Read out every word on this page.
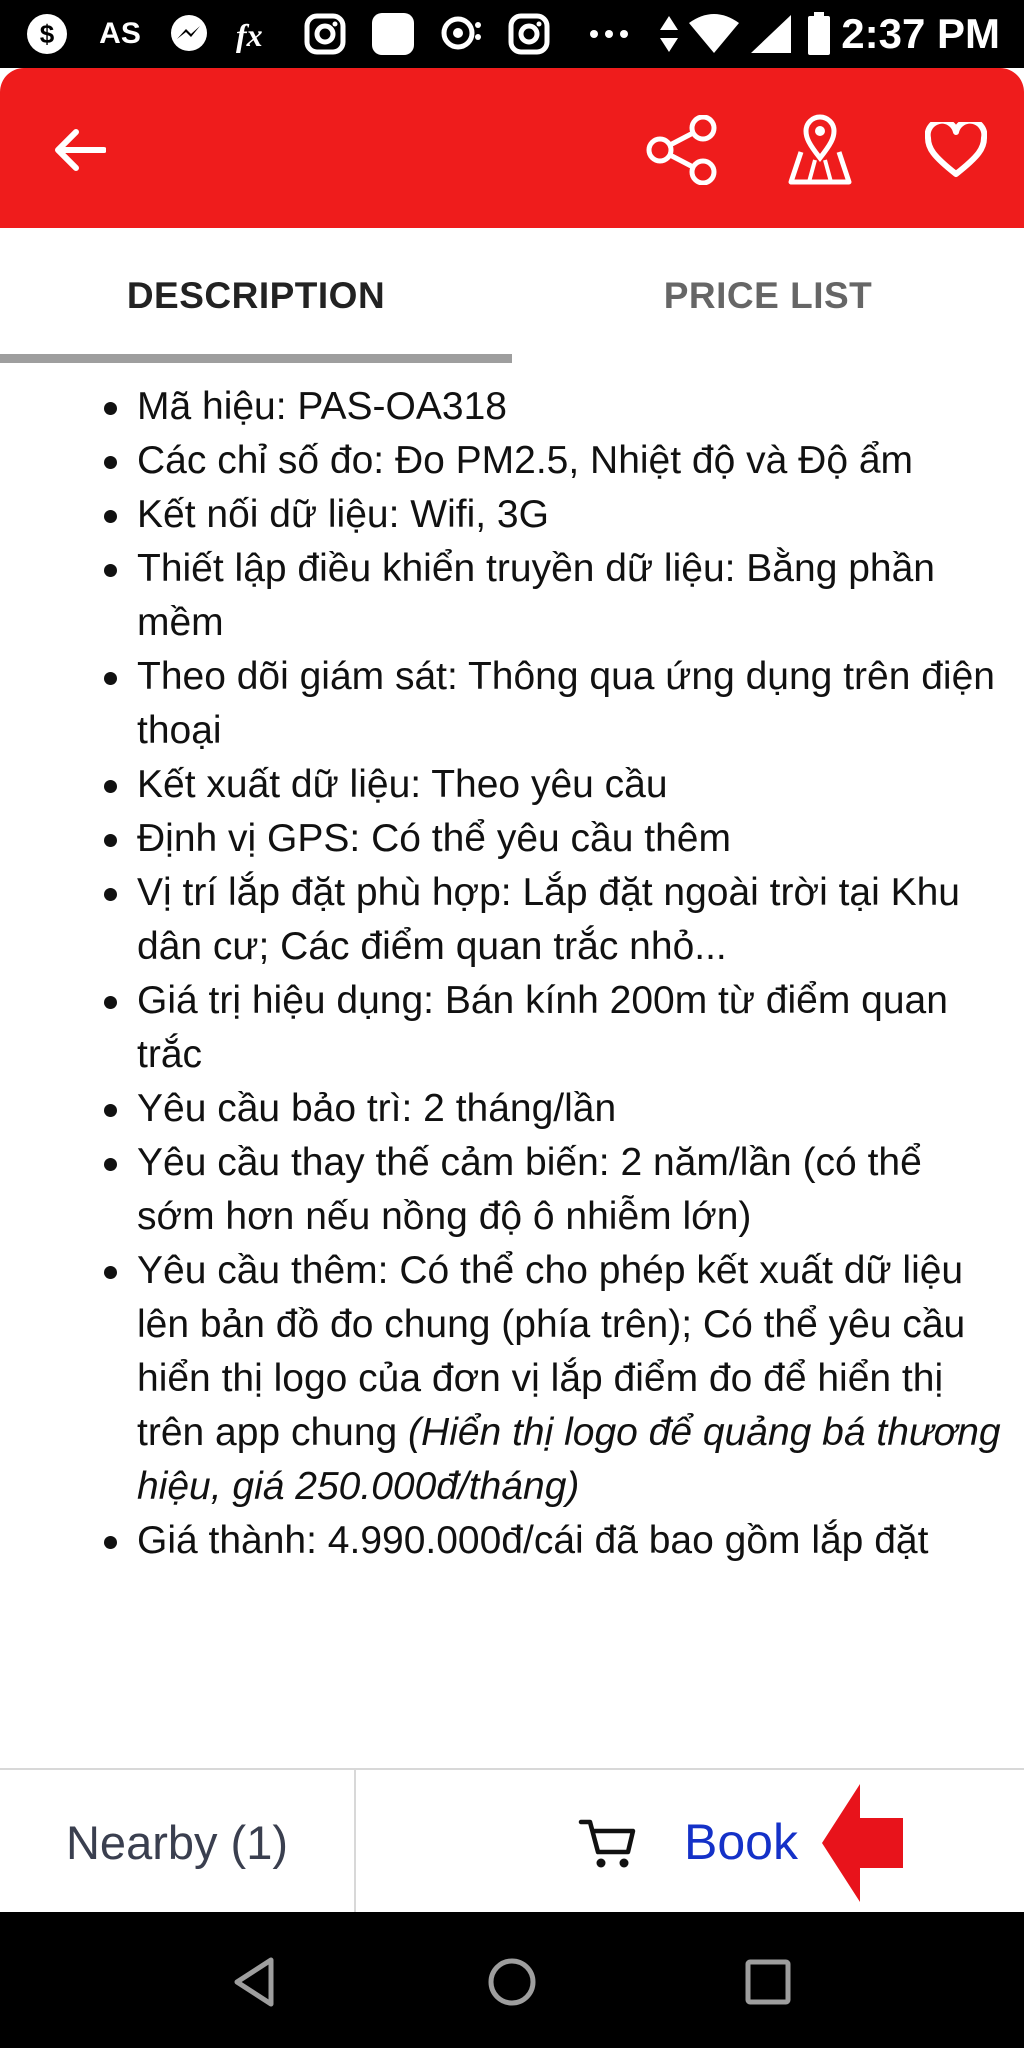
$ AS	fx	2:37 PM
DESCRIPTION	PRICE LIST
Mã hiệu: PAS-OA318
Các chỉ số đo: Đo PM2.5, Nhiệt độ và Độ ẩm
Kết nối dữ liệu: Wifi, 3G
Thiết lập điều khiển truyền dữ liệu: Bằng phần mềm
Theo dõi giám sát: Thông qua ứng dụng trên điện thoại
Kết xuất dữ liệu: Theo yêu cầu
Định vị GPS: Có thể yêu cầu thêm
Vị trí lắp đặt phù hợp: Lắp đặt ngoài trời tại Khu dân cư; Các điểm quan trắc nhỏ...
Giá trị hiệu dụng: Bán kính 200m từ điểm quan trắc
Yêu cầu bảo trì: 2 tháng/lần
Yêu cầu thay thế cảm biến: 2 năm/lần (có thể sớm hơn nếu nồng độ ô nhiễm lớn)
Yêu cầu thêm: Có thể cho phép kết xuất dữ liệu lên bản đồ đo chung (phía trên); Có thể yêu cầu hiển thị logo của đơn vị lắp điểm đo để hiển thị trên app chung (Hiển thị logo để quảng bá thương hiệu, giá 250.000đ/tháng)
Giá thành: 4.990.000đ/cái đã bao gồm lắp đặt
Nearby (1)	Book
